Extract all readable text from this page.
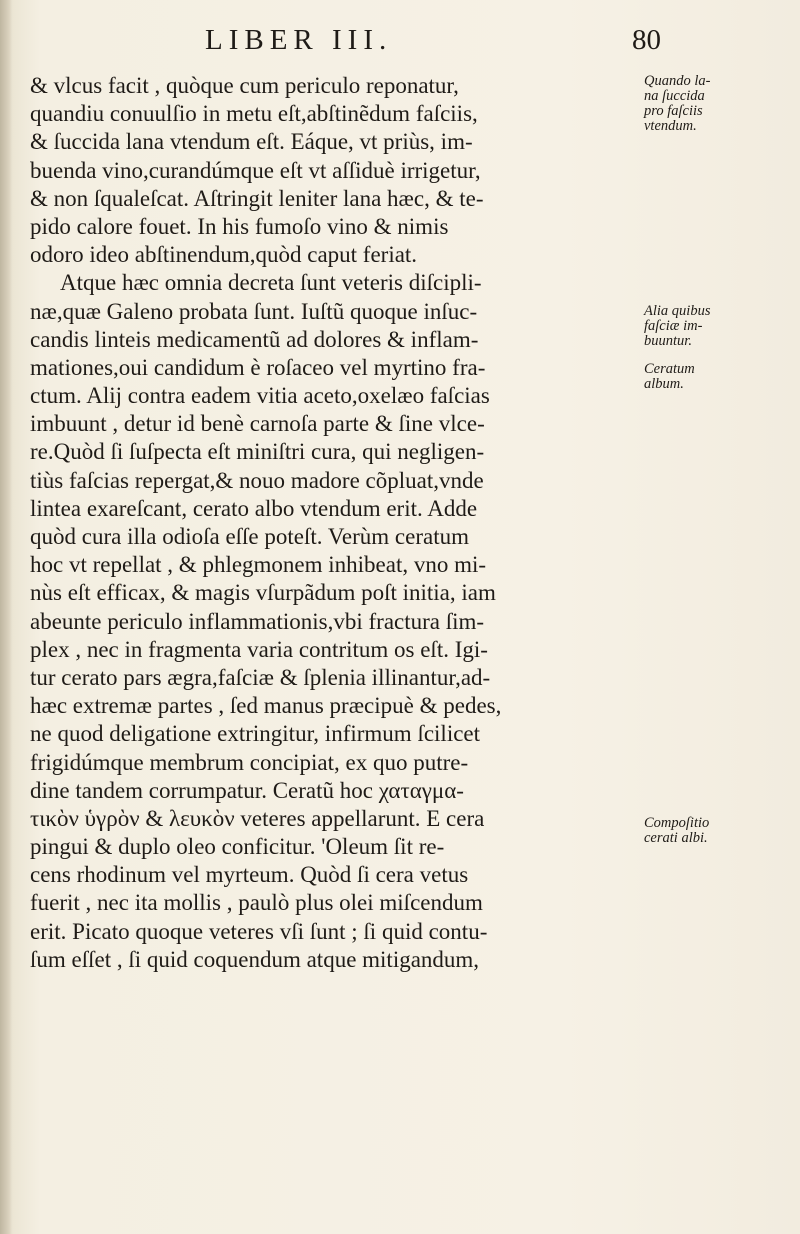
LIBER III.	80
& vlcus facit , quòque cum periculo reponatur,
quandiu conuulſio in metu eſt,abſtinẽdum faſciis,
& ſuccida lana vtendum eſt. Eáque, vt priùs, im-
buenda vino,curandúmque eſt vt aſſiduè irrigetur,
& non ſqualeſcat. Aſtringit leniter lana hæc, & te-
pido calore fouet. In his fumoſo vino & nimis
odoro ideo abſtinendum,quòd caput feriat.
Atque hæc omnia decreta ſunt veteris diſcipli-
næ,quæ Galeno probata ſunt. Iuſtũ quoque inſuc-
candis linteis medicamentũ ad dolores & inflam-
mationes,oui candidum è roſaceo vel myrtino fra-
ctum. Alij contra eadem vitia aceto,oxelæo faſcias
imbuunt , detur id benè carnoſa parte & ſine vlce-
re.Quòd ſi ſuſpecta eſt miniſtri cura, qui negligen-
tiùs faſcias repergat,& nouo madore cõpluat,vnde
lintea exareſcant, cerato albo vtendum erit. Adde
quòd cura illa odioſa eſſe poteſt. Verùm ceratum
hoc vt repellat , & phlegmonem inhibeat, vno mi-
nùs eſt efficax, & magis vſurpãdum poſt initia, iam
abeunte periculo inflammationis,vbi fractura ſim-
plex , nec in fragmenta varia contritum os eſt. Igi-
tur cerato pars ægra,faſciæ & ſplenia illinantur,ad-
hæc extremæ partes , ſed manus præcipuè & pedes,
ne quod deligatione extringitur, infirmum ſcilicet
frigidúmque membrum concipiat, ex quo putre-
dine tandem corrumpatur. Ceratũ hoc χαταγμα-
τικὸν ὑγρὸν & λευκὸν veteres appellarunt. E cera
pingui & duplo oleo conficitur. 'Oleum ſit re-
cens rhodinum vel myrteum. Quòd ſi cera vetus
fuerit , nec ita mollis , paulò plus olei miſcendum
erit. Picato quoque veteres vſi ſunt ; ſi quid contu-
ſum eſſet , ſi quid coquendum atque mitigandum,
Quando la-
na ſuccida
pro faſciis
vtendum.
Alia quibus
faſciæ im-
buuntur.
Ceratum
album.
Compoſitio
cerati albi.
